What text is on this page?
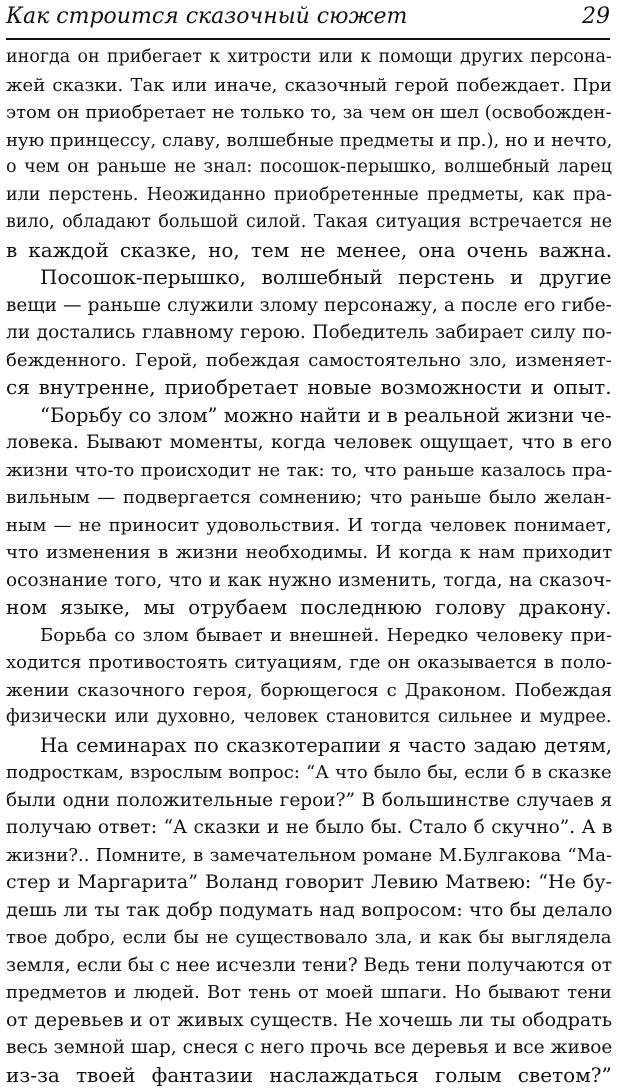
Как строится сказочный сюжет	29
иногда он прибегает к хитрости или к помощи других персона-
жей сказки. Так или иначе, сказочный герой побеждает. При
этом он приобретает не только то, за чем он шел (освобожден-
ную принцессу, славу, волшебные предметы и пр.), но и нечто,
о чем он раньше не знал: посошок-перышко, волшебный ларец
или перстень. Неожиданно приобретенные предметы, как пра-
вило, обладают большой силой. Такая ситуация встречается не
в каждой сказке, но, тем не менее, она очень важна.
Посошок-перышко, волшебный перстень и другие
вещи — раньше служили злому персонажу, а после его гибе-
ли достались главному герою. Победитель забирает силу по-
бежденного. Герой, побеждая самостоятельно зло, изменяет-
ся внутренне, приобретает новые возможности и опыт.
“Борьбу со злом” можно найти и в реальной жизни че-
ловека. Бывают моменты, когда человек ощущает, что в его
жизни что-то происходит не так: то, что раньше казалось пра-
вильным — подвергается сомнению; что раньше было желан-
ным — не приносит удовольствия. И тогда человек понимает,
что изменения в жизни необходимы. И когда к нам приходит
осознание того, что и как нужно изменить, тогда, на сказоч-
ном языке, мы отрубаем последнюю голову дракону.
Борьба со злом бывает и внешней. Нередко человеку при-
ходится противостоять ситуациям, где он оказывается в поло-
жении сказочного героя, борющегося с Драконом. Побеждая
физически или духовно, человек становится сильнее и мудрее.
На семинарах по сказкотерапии я часто задаю детям,
подросткам, взрослым вопрос: “А что было бы, если б в сказке
были одни положительные герои?” В большинстве случаев я
получаю ответ: “А сказки и не было бы. Стало б скучно”. А в
жизни?.. Помните, в замечательном романе М.Булгакова “Ма-
стер и Маргарита” Воланд говорит Левию Матвею: “Не бу-
дешь ли ты так добр подумать над вопросом: что бы делало
твое добро, если бы не существовало зла, и как бы выглядела
земля, если бы с нее исчезли тени? Ведь тени получаются от
предметов и людей. Вот тень от моей шпаги. Но бывают тени
от деревьев и от живых существ. Не хочешь ли ты ободрать
весь земной шар, снеся с него прочь все деревья и все живое
из-за твоей фантазии наслаждаться голым светом?”
